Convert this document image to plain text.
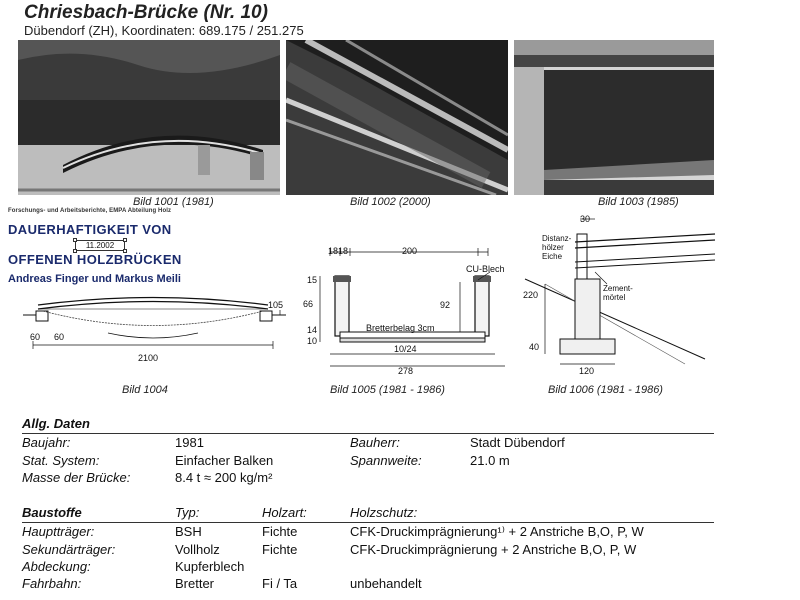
Chriesbach-Brücke (Nr. 10)
Dübendorf (ZH), Koordinaten: 689.175 / 251.275
Bild 1001 (1981)	Bild 1002 (2000)	Bild 1003 (1985)
Forschungs- und Arbeitsberichte, EMPA Abteilung Holz
DAUERHAFTIGKEIT VON
11.2002
OFFENEN HOLZBRÜCKEN
Andreas Finger und Markus Meili
60 60
2100
105
Bild 1004
18 18	200
CU-Blech
15
66
14
10
92
Bretterbelag 3cm
10/24
278
Bild 1005 (1981 - 1986)
30
Distanz-
hölzer
Eiche
Zement-
mörtel
220
40
120
Bild 1006 (1981 - 1986)
Allg. Daten
Baujahr:	1981	Bauherr:	Stadt Dübendorf
Stat. System:	Einfacher Balken	Spannweite:	21.0 m
Masse der Brücke:	8.4 t ≈ 200 kg/m²
Baustoffe	Typ:	Holzart:	Holzschutz:
Hauptträger:	BSH	Fichte	CFK-Druckimprägnierung¹⁾ + 2 Anstriche B,O, P, W
Sekundärträger:	Vollholz	Fichte	CFK-Druckimprägnierung + 2 Anstriche B,O, P, W
Abdeckung:	Kupferblech
Fahrbahn:	Bretter	Fi / Ta	unbehandelt
